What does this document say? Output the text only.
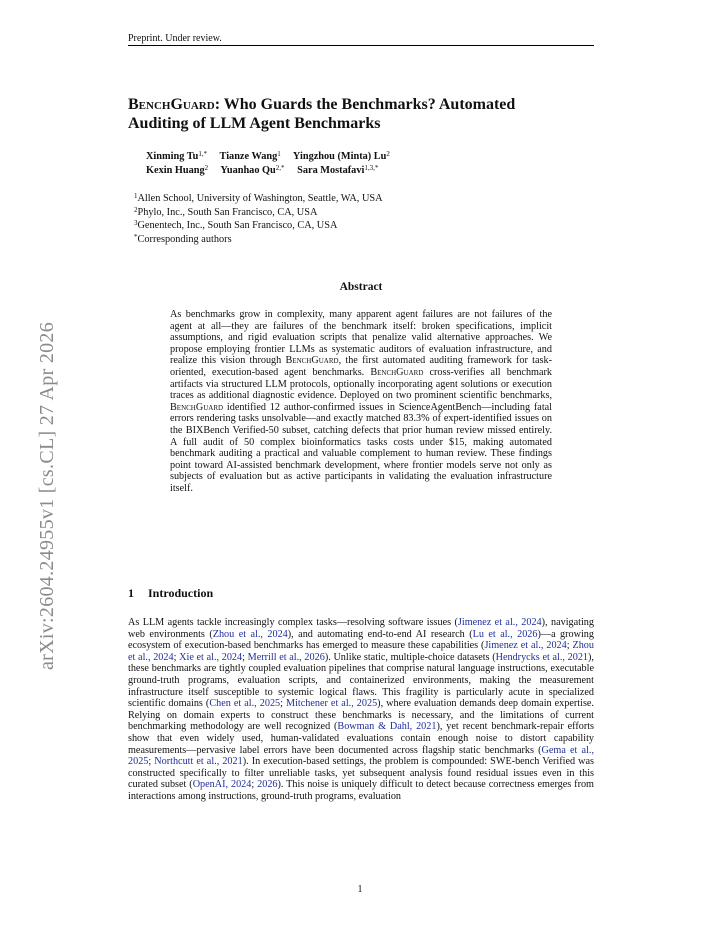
Preprint. Under review.
arXiv:2604.24955v1 [cs.CL] 27 Apr 2026
BenchGuard: Who Guards the Benchmarks? Automated
Auditing of LLM Agent Benchmarks
Xinming $Tu^{1,*}$ Tianze Wang$^1$ Yingzhou (Minta) Lu$^2$
Kexin Huang$^2$ Yuanhao $Qu^{2,*}$ Sara Mostafavi$^{1,3,*}$
$^1$Allen School, University of Washington, Seattle, WA, USA
$^2$Phylo, Inc., South San Francisco, CA, USA
$^3$Genentech, Inc., South San Francisco, CA, USA
*Corresponding authors
Abstract
As benchmarks grow in complexity, many apparent agent failures are not failures of the agent at all—they are failures of the benchmark itself: broken specifications, implicit assumptions, and rigid evaluation scripts that penalize valid alternative approaches. We propose employing frontier LLMs as systematic auditors of evaluation infrastructure, and realize this vision through BenchGuard, the first automated auditing framework for task-oriented, execution-based agent benchmarks. BenchGuard cross-verifies all benchmark artifacts via structured LLM protocols, optionally incorporating agent solutions or execution traces as additional diagnostic evidence. Deployed on two prominent scientific benchmarks, BenchGuard identified 12 author-confirmed issues in ScienceAgentBench—including fatal errors rendering tasks unsolvable—and exactly matched 83.3% of expert-identified issues on the BIXBench Verified-50 subset, catching defects that prior human review missed entirely. A full audit of 50 complex bioinformatics tasks costs under $15, making automated benchmark auditing a practical and valuable complement to human review. These findings point toward AI-assisted benchmark development, where frontier models serve not only as subjects of evaluation but as active participants in validating the evaluation infrastructure itself.
1 Introduction
As LLM agents tackle increasingly complex tasks—resolving software issues (Jimenez et al., 2024), navigating web environments (Zhou et al., 2024), and automating end-to-end AI research (Lu et al., 2026)—a growing ecosystem of execution-based benchmarks has emerged to measure these capabilities (Jimenez et al., 2024; Zhou et al., 2024; Xie et al., 2024; Merrill et al., 2026). Unlike static, multiple-choice datasets (Hendrycks et al., 2021), these benchmarks are tightly coupled evaluation pipelines that comprise natural language instructions, executable ground-truth programs, evaluation scripts, and containerized environments, making the measurement infrastructure itself susceptible to systemic logical flaws. This fragility is particularly acute in specialized scientific domains (Chen et al., 2025; Mitchener et al., 2025), where evaluation demands deep domain expertise. Relying on domain experts to construct these benchmarks is necessary, and the limitations of current benchmarking methodology are well recognized (Bowman & Dahl, 2021), yet recent benchmark-repair efforts show that even widely used, human-validated evaluations contain enough noise to distort capability measurements—pervasive label errors have been documented across flagship static benchmarks (Gema et al., 2025; Northcutt et al., 2021). In execution-based settings, the problem is compounded: SWE-bench Verified was constructed specifically to filter unreliable tasks, yet subsequent analysis found residual issues even in this curated subset (OpenAI, 2024; 2026). This noise is uniquely difficult to detect because correctness emerges from interactions among instructions, ground-truth programs, evaluation
1
